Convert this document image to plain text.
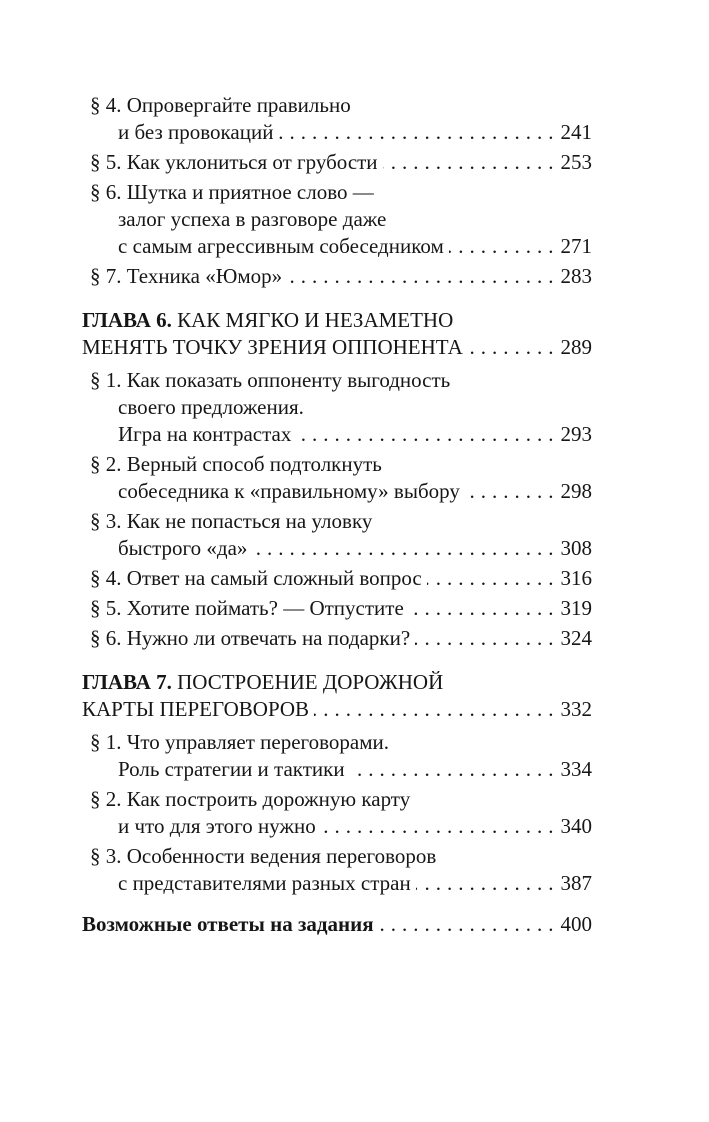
§ 4. Опровергайте правильно
и без провокаций .....	241
§ 5. Как уклониться от грубости .....	253
§ 6. Шутка и приятное слово —
залог успеха в разговоре даже
с самым агрессивным собеседником .....	271
§ 7. Техника «Юмор» .....	283
ГЛАВА 6. КАК МЯГКО И НЕЗАМЕТНО
МЕНЯТЬ ТОЧКУ ЗРЕНИЯ ОППОНЕНТА .....	289
§ 1. Как показать оппоненту выгодность
своего предложения.
Игра на контрастах .....	293
§ 2. Верный способ подтолкнуть
собеседника к «правильному» выбору .....	298
§ 3. Как не попасться на уловку
быстрого «да» .....	308
§ 4. Ответ на самый сложный вопрос .....	316
§ 5. Хотите поймать? — Отпустите .....	319
§ 6. Нужно ли отвечать на подарки? .....	324
ГЛАВА 7. ПОСТРОЕНИЕ ДОРОЖНОЙ
КАРТЫ ПЕРЕГОВОРОВ .....	332
§ 1. Что управляет переговорами.
Роль стратегии и тактики .....	334
§ 2. Как построить дорожную карту
и что для этого нужно .....	340
§ 3. Особенности ведения переговоров
с представителями разных стран .....	387
Возможные ответы на задания .....	400
